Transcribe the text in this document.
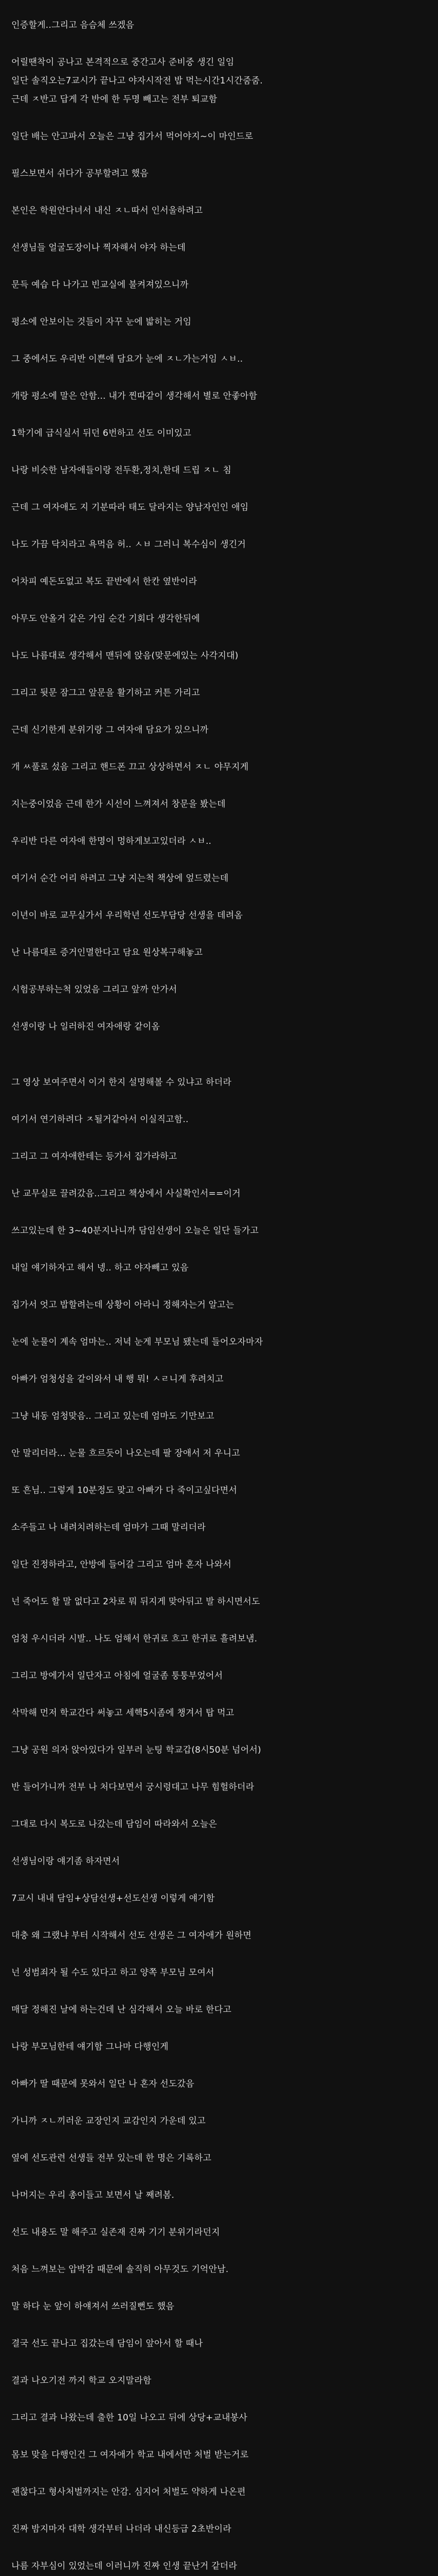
인증할게..그리고 음슴체 쓰겠음
어릴땐착이 공나고 본격적으로 중간고사 준비중 생긴 일임
일단 솔직오는7교시가 끝나고 야자시작전 밥 먹는시간1시간줌줌.
근데 ㅈ반고 답게 각 반에 한 두명 빼고는 전부 퇴교함
일단 배는 안고파서 오늘은 그냥 집가서 먹어야지~이 마인드로
필스보면서 쉬다가 공부할려고 했음
본인은 학원안다녀서 내신 ㅈㄴ따서 인서울하려고
선생님들 얼굴도장이나 찍자해서 야자 하는데
문득 예습 다 나가고 빈교실에 불켜져있으니까
평소에 안보이는 것들이 자꾸 눈에 밟히는 거임
그 중에서도 우리반 이쁜애 담요가 눈에 ㅈㄴ가는거임 ㅅㅂ..
개랑 평소에 말은 안함... 내가 찐따같이 생각해서 별로 안좋아함
1학기에 급식실서 뒤던 6번하고 선도 이미있고
나랑 비슷한 남자애들이랑 전두환,정치,한대 드립 ㅈㄴ 침
근데 그 여자애도 지 기분따라 태도 달라지는 양남자인인 애임
나도 가끔 닥치라고 욕먹음 허.. ㅅㅂ 그러니 복수심이 생긴거
어차피 예돈도없고 복도 끝반에서 한칸 옆반이라
아무도 안올거 같은 가임 순간 기회다 생각한뒤에
나도 나름대로 생각해서 맨뒤에 앉음(맞문에있는 사각지대)
그리고 뒷문 잠그고 앞문을 활기하고 커튼 가리고
근데 신기한게 분위기랑 그 여자애 담요가 있으니까
개 ㅆ풀로 섰음 그리고 핸드폰 끄고 상상하면서 ㅈㄴ 야무지게
지는중이었음 근데 한가 시선이 느껴져서 창문을 봤는데
우리반 다른 여자애 한명이 멍하게보고있더라 ㅅㅂ..
여기서 순간 어리 하려고 그냥 지는척 책상에 엎드렸는데
이년이 바로 교무실가서 우리학년 선도부담당 선생을 데려옴
난 나름대로 증거인멸한다고 담요 원상복구해놓고
시험공부하는척 있었음 그리고 앞까 안가서
선생이랑 나 일러하진 여자애랑 같이옴
그 영상 보여주면서 이거 한지 설명해볼 수 있냐고 하더라
여기서 연기하려다 ㅈ될거같아서 이실직고함..
그리고 그 여자애한테는 등가서 집가라하고
난 교무실로 끌려갔음..그리고 책상에서 사실확인서==이거
쓰고있는데 한 3~40분지나니까 담임선생이 오늘은 일단 들가고
내일 얘기하자고 해서 넹.. 하고 야자빼고 있음
집가서 엇고 밥할려는데 상황이 아라니 정해자는거 알고는
눈에 눈물이 계속 엄마는.. 저녁 눈게 부모님 됐는데 들어오자마자
아빠가 엄청성을 같이와서 내 행 뭐! ㅅㄹ니게 후려치고
그냥 내동 엄청맞음.. 그리고 있는데 엄마도 기만보고
안 말리더라... 눈물 흐르듯이 나오는데 팔 장애서 저 우니고
또 흔님.. 그렇게 10분정도 맞고 아빠가 다 죽이고싶다면서
소주들고 나 내려치려하는데 엄마가 그때 말리더라
일단 진정하라고, 안방에 들어갈 그리고 엄마 혼자 나와서
넌 죽어도 할 말 없다고 2차로 뭐 뒤지게 맞아뒤고 발 하시면서도
엄청 우시더라 시발.. 나도 엄해서 한귀로 흐고 한귀로 흘려보냄.
그리고 방에가서 일단자고 아침에 얼굴좀 퉁퉁부었어서
삭막해 먼저 학교간다 써놓고 세핵5시좀에 챙겨서 탑 먹고
그냥 공원 의자 앉아있다가 일부러 눈팅 학교갑(8시50분 넘어서)
반 들어가니까 전부 나 처다보면서 궁시렁대고 나무 힘헐하더라
그대로 다시 복도로 나갔는데 담임이 따라와서 오늘은
선생님이랑 얘기좀 하자면서
7교시 내내 담임+상담선생+선도선생 이렇게 얘기함
대충 왜 그랬냐 부터 시작해서 선도 선생은 그 여자애가 원하면
넌 성범죄자 될 수도 있다고 하고 양쪽 부모님 모여서
매달 정해진 날에 하는건데 난 심각해서 오늘 바로 한다고
나랑 부모님한테 얘기함 그나마 다행인게
아빠가 딸 때문에 못와서 일단 나 혼자 선도갔음
가니까 ㅈㄴ끼러운 교장인지 교감인지 가운데 있고
옆에 선도관련 선생들 전부 있는데 한 명은 기록하고
나머지는 우리 총이들고 보면서 날 째려봄.
선도 내용도 말 해주고 실존재 진짜 기기 분위기라던지
처음 느껴보는 압박감 때문에 솔직히 아무것도 기억안남.
말 하다 눈 앞이 하얘져서 쓰러질뻔도 했음
결국 선도 끝나고 집갔는데 담임이 앞아서 할 때나
결과 나오기전 까지 학교 오지말라함
그리고 결과 나왔는데 출한 10일 나오고 뒤에 상당+교내봉사
몸보 맞을 다행인건 그 여자애가 학교 내에서만 처벌 받는거로
괜찮다고 형사처벌까지는 안감. 심지어 처벌도 약하게 나온편
진짜 밤지마자 대학 생각부터 나더라 내신등급 2초반이라
나름 자부심이 있었는데 이러니까 진짜 인생 끝난거 같더라
